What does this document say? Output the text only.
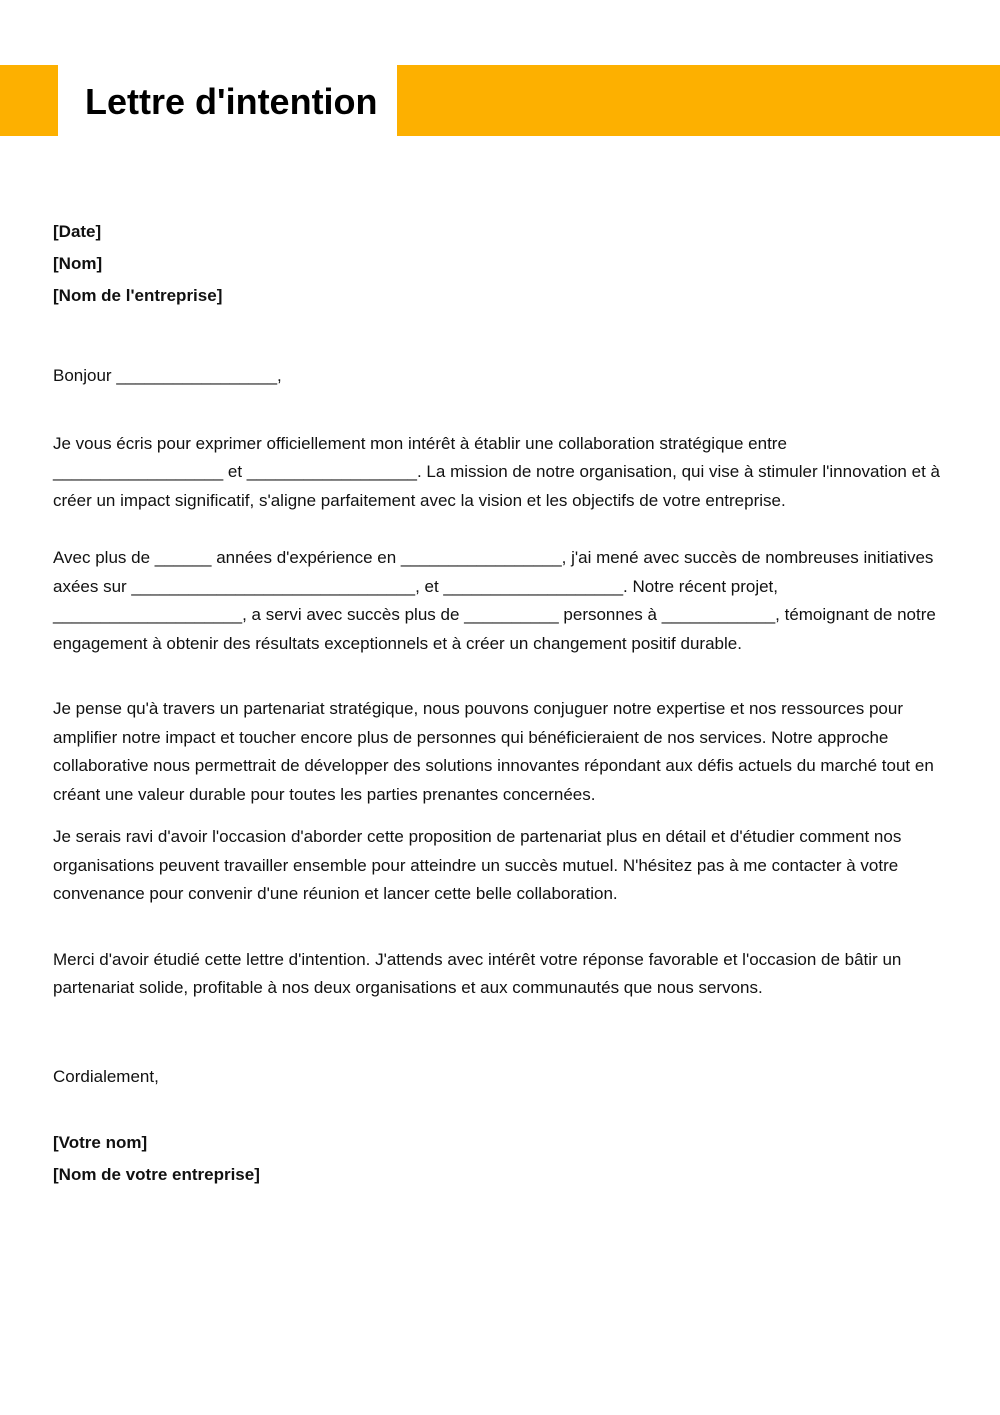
Lettre d'intention

[Date]

[Nom]

[Nom de l'entreprise]

Bonjour _________________,

Je vous écris pour exprimer officiellement mon intérêt à établir une collaboration stratégique entre __________________ et __________________. La mission de notre organisation, qui vise à stimuler l'innovation et à créer un impact significatif, s'aligne parfaitement avec la vision et les objectifs de votre entreprise.

Avec plus de ______ années d'expérience en _________________, j'ai mené avec succès de nombreuses initiatives axées sur ______________________________, et ___________________. Notre récent projet, ____________________, a servi avec succès plus de __________ personnes à ____________, témoignant de notre engagement à obtenir des résultats exceptionnels et à créer un changement positif durable.

Je pense qu'à travers un partenariat stratégique, nous pouvons conjuguer notre expertise et nos ressources pour amplifier notre impact et toucher encore plus de personnes qui bénéficieraient de nos services. Notre approche collaborative nous permettrait de développer des solutions innovantes répondant aux défis actuels du marché tout en créant une valeur durable pour toutes les parties prenantes concernées.

Je serais ravi d'avoir l'occasion d'aborder cette proposition de partenariat plus en détail et d'étudier comment nos organisations peuvent travailler ensemble pour atteindre un succès mutuel. N'hésitez pas à me contacter à votre convenance pour convenir d'une réunion et lancer cette belle collaboration.

Merci d'avoir étudié cette lettre d'intention. J'attends avec intérêt votre réponse favorable et l'occasion de bâtir un partenariat solide, profitable à nos deux organisations et aux communautés que nous servons.

Cordialement,

[Votre nom]

[Nom de votre entreprise]
